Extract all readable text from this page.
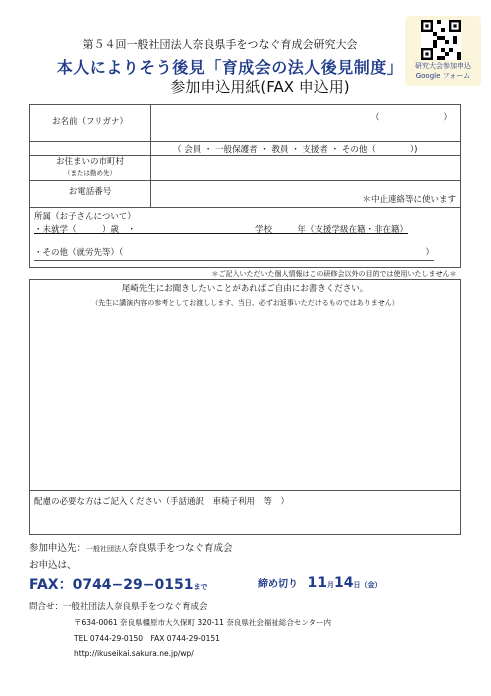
第５４回一般社団法人奈良県手をつなぐ育成会研究大会
本人によりそう後見「育成会の法人後見制度」
参加申込用紙(FAX 申込用)
研究大会参加申込
Google フォーム
お名前（フリガナ）	（ ）

	（ 会員 ・ 一般保護者 ・ 教員 ・ 支援者 ・ その他（　　　　）)

お住まいの市町村
（または勤め先）	

お電話番号	＊中止連絡等に使います

所属（お子さんについて）
・未就学（　　　）歳　・　　　　　　　　　　　　　　学校　　　年（支援学級在籍・非在籍）
・その他（就労先等）（ ）	

＊ご記入いただいた個人情報はこの研修会以外の目的では使用いたしません＊	

尾崎先生にお聞きしたいことがあればご自由にお書きください。
（先生に講演内容の参考としてお渡しします、当日、必ずお返事いただけるものではありません）	

配慮の必要な方はご記入ください（手話通訳　車椅子利用　等　）	
参加申込先：一般社団法人奈良県手をつなぐ育成会
お申込は、
FAX：0744−29−0151まで	締め切り 11月14日（金）
問合せ：一般社団法人奈良県手をつなぐ育成会
〒634-0061 奈良県橿原市大久保町 320-11 奈良県社会福祉総合センター内
TEL 0744-29-0150　FAX 0744-29-0151
http://ikuseikai.sakura.ne.jp/wp/
